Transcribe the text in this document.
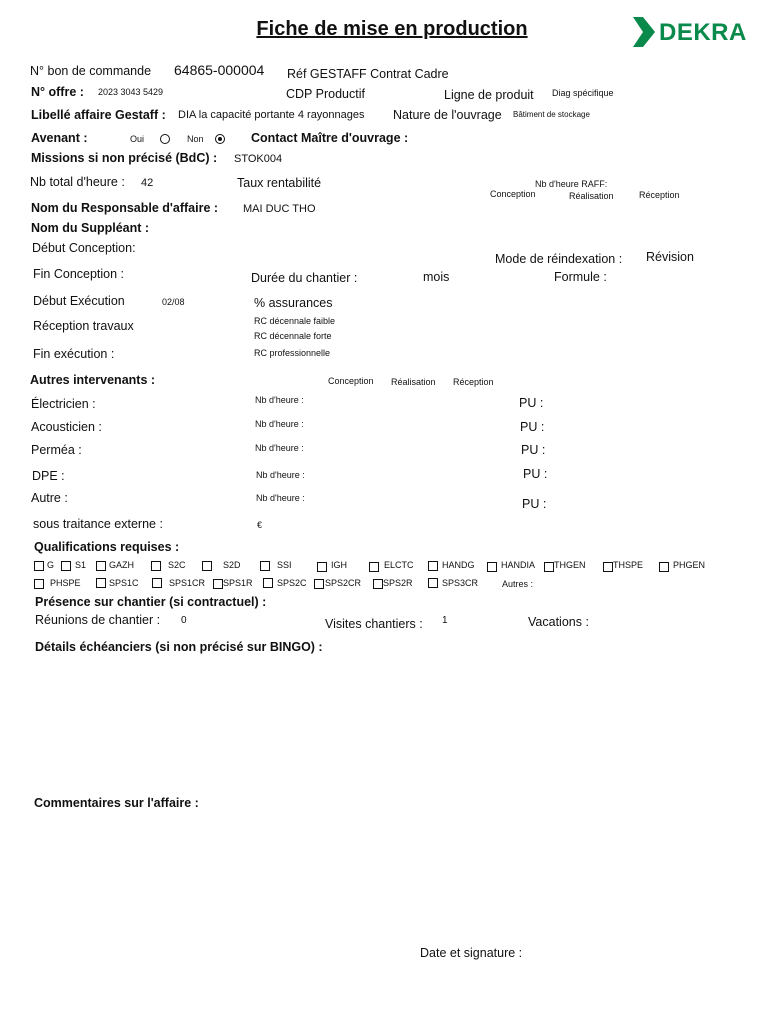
Fiche de mise en production	DEKRA
N° bon de commande 64865-000004	Réf GESTAFF Contrat Cadre
N° offre : 2023 3043 5429	CDP Productif	Ligne de produit Diag spécifique
Libellé affaire Gestaff : DIA la capacité portante 4 rayonnages Nature de l'ouvrage Bâtiment de stockage
Avenant :	Oui	Non	Contact Maître d'ouvrage :
Missions si non précisé (BdC) : STOK004
Nb total d'heure : 42	Taux rentabilité	Nb d'heure RAFF:
Conception	Réalisation	Réception
Nom du Responsable d'affaire : MAI DUC THO
Nom du Suppléant :
Début Conception:
Mode de réindexation : Révision
Fin Conception :	Durée du chantier :	mois	Formule :
Début Exécution	02/08	% assurances
RC décennale faible
Réception travaux
RC décennale forte
Fin exécution :	RC professionnelle
Autres intervenants :	Conception Réalisation Réception
Électricien :	Nb d'heure :	PU :
Acousticien :	Nb d'heure :	PU :
Perméa :	Nb d'heure :	PU :
DPE :	Nb d'heure :	PU :
Autre :	Nb d'heure :	PU :
sous traitance externe :	€
Qualifications requises :
G S1	GAZH	S2C	S2D	SSI	IGH	ELCTC	HANDG	HANDIA THGEN	THSPE	PHGEN
PHSPE	SPS1C	SPS1CR SPS1R	SPS2C SPS2CR SPS2R	SPS3CR	Autres :
Présence sur chantier (si contractuel) :
Réunions de chantier : 0	Visites chantiers : 1	Vacations :
Détails échéanciers (si non précisé sur BINGO) :
Commentaires sur l'affaire :
Date et signature :
